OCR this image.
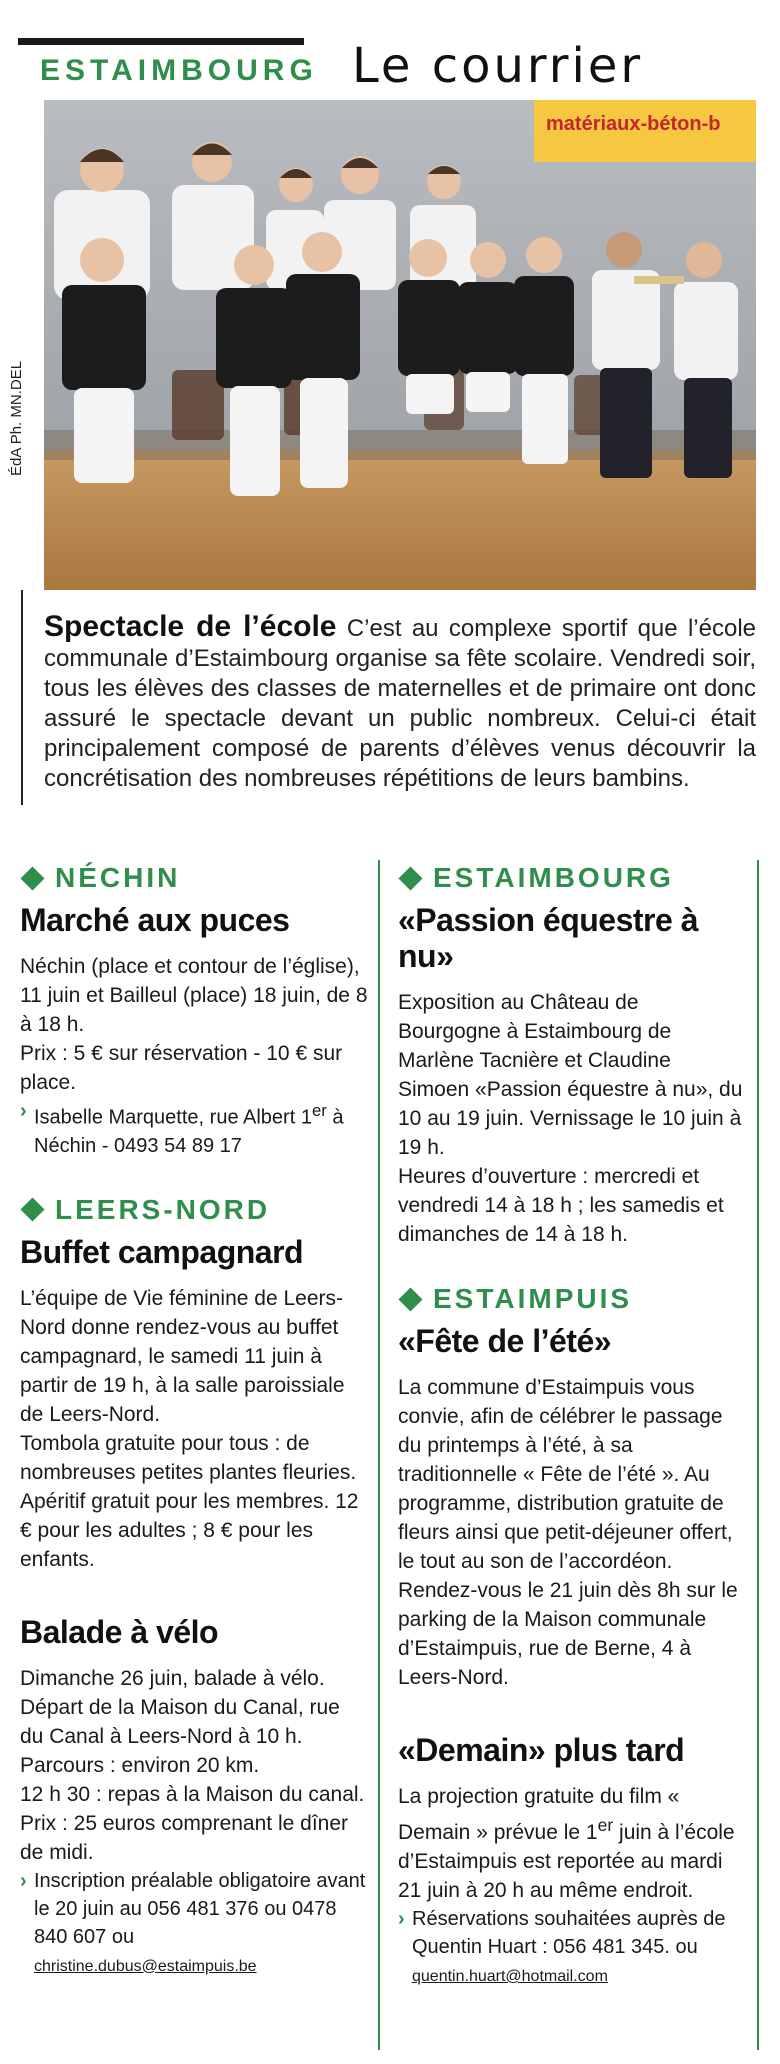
ESTAIMBOURG Le courrier
matériaux-béton-b
ÉdA Ph. MN.DEL
Spectacle de l’école C’est au complexe sportif que l’école communale d’Estaimbourg organise sa fête scolaire. Vendredi soir, tous les élèves des classes de maternelles et de primaire ont donc assuré le spectacle devant un public nombreux. Celui-ci était principalement composé de parents d’élèves venus découvrir la concrétisation des nombreuses répétitions de leurs bambins.
NÉCHIN
Marché aux puces

Néchin (place et contour de l’église), 11 juin et Bailleul (place) 18 juin, de 8 à 18 h.

Prix : 5 € sur réservation - 10 € sur place.

› Isabelle Marquette, rue Albert 1er à Néchin - 0493 54 89 17
LEERS-NORD
Buffet campagnard

L’équipe de Vie féminine de Leers-Nord donne rendez-vous au buffet campagnard, le samedi 11 juin à partir de 19 h, à la salle paroissiale de Leers-Nord.

Tombola gratuite pour tous : de nombreuses petites plantes fleuries. Apéritif gratuit pour les membres. 12 € pour les adultes ; 8 € pour les enfants.

Balade à vélo

Dimanche 26 juin, balade à vélo. Départ de la Maison du Canal, rue du Canal à Leers-Nord à 10 h.

Parcours : environ 20 km.

12 h 30 : repas à la Maison du canal. Prix : 25 euros comprenant le dîner de midi.

› Inscription préalable obligatoire avant le 20 juin au 056 481 376 ou 0478 840 607 ou
christine.dubus@estaimpuis.be
ESTAIMBOURG
«Passion équestre à nu»

Exposition au Château de Bourgogne à Estaimbourg de Marlène Tacnière et Claudine Simoen «Passion équestre à nu», du 10 au 19 juin. Vernissage le 10 juin à 19 h.

Heures d’ouverture : mercredi et vendredi 14 à 18 h ; les samedis et dimanches de 14 à 18 h.

ESTAIMPUIS
«Fête de l’été»

La commune d’Estaimpuis vous convie, afin de célébrer le passage du printemps à l’été, à sa traditionnelle « Fête de l’été ». Au programme, distribution gratuite de fleurs ainsi que petit-déjeuner offert, le tout au son de l’accordéon. Rendez-vous le 21 juin dès 8h sur le parking de la Maison communale d’Estaimpuis, rue de Berne, 4 à Leers-Nord.

«Demain» plus tard

La projection gratuite du film « Demain » prévue le 1er juin à l’école d’Estaimpuis est reportée au mardi 21 juin à 20 h au même endroit.

› Réservations souhaitées auprès de Quentin Huart : 056 481 345. ou
quentin.huart@hotmail.com
